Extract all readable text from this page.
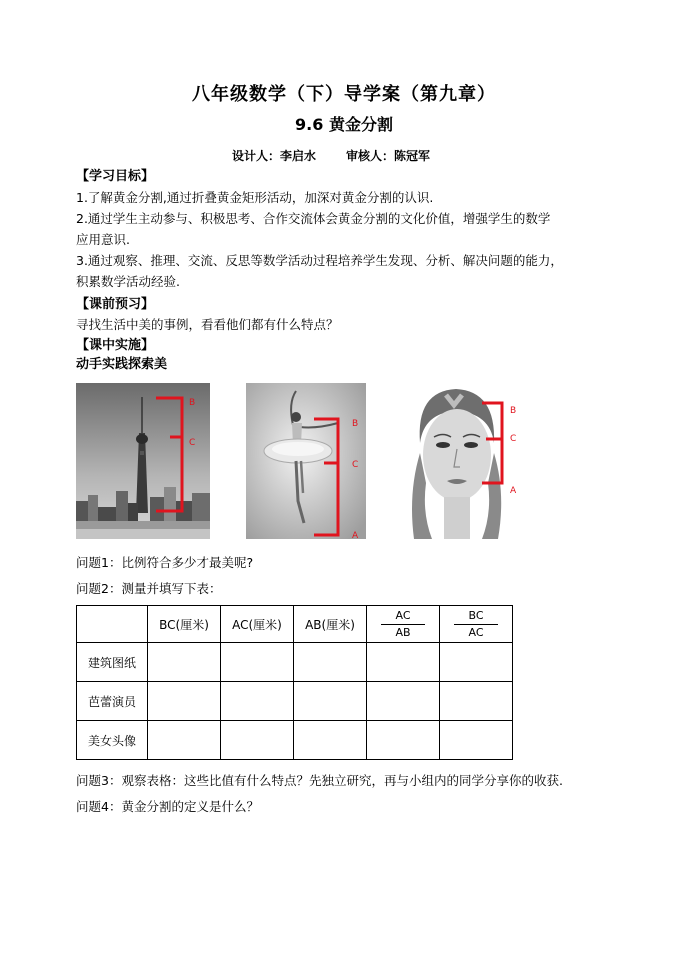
八年级数学（下）导学案（第九章）
9.6 黄金分割
设计人：李启水	审核人：陈冠军
【学习目标】
1.了解黄金分割,通过折叠黄金矩形活动，加深对黄金分割的认识.
2.通过学生主动参与、积极思考、合作交流体会黄金分割的文化价值，增强学生的数学
应用意识.
3.通过观察、推理、交流、反思等数学活动过程培养学生发现、分析、解决问题的能力，
积累数学活动经验.
【课前预习】
寻找生活中美的事例，看看他们都有什么特点？
【课中实施】
动手实践探索美
B
C
B
C
A
B
C
A
问题1：比例符合多少才最美呢?
问题2：测量并填写下表：
	BC(厘米)	AC(厘米)	AB(厘米)	$\frac{AC}{AB}$	$\frac{BC}{AC}$

建筑图纸					
芭蕾演员					
美女头像					
问题3：观察表格：这些比值有什么特点？先独立研究，再与小组内的同学分享你的收获.
问题4：黄金分割的定义是什么？
